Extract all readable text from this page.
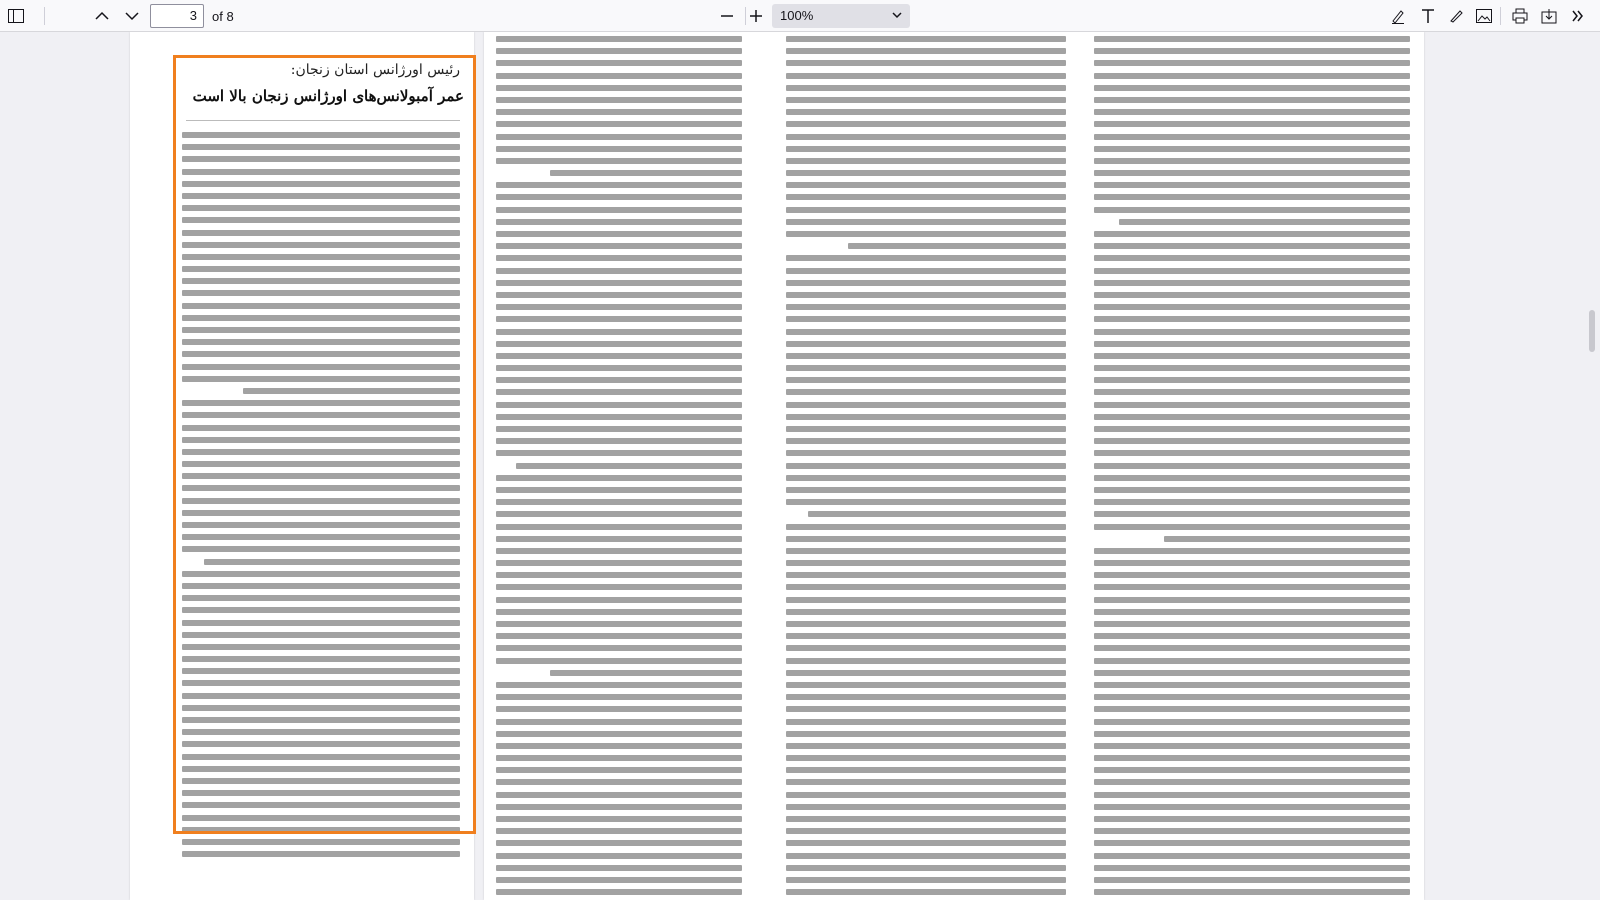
3	of 8	100%
رئیس اورژانس استان زنجان:
عمر آمبولانس‌های اورژانس زنجان بالا است
